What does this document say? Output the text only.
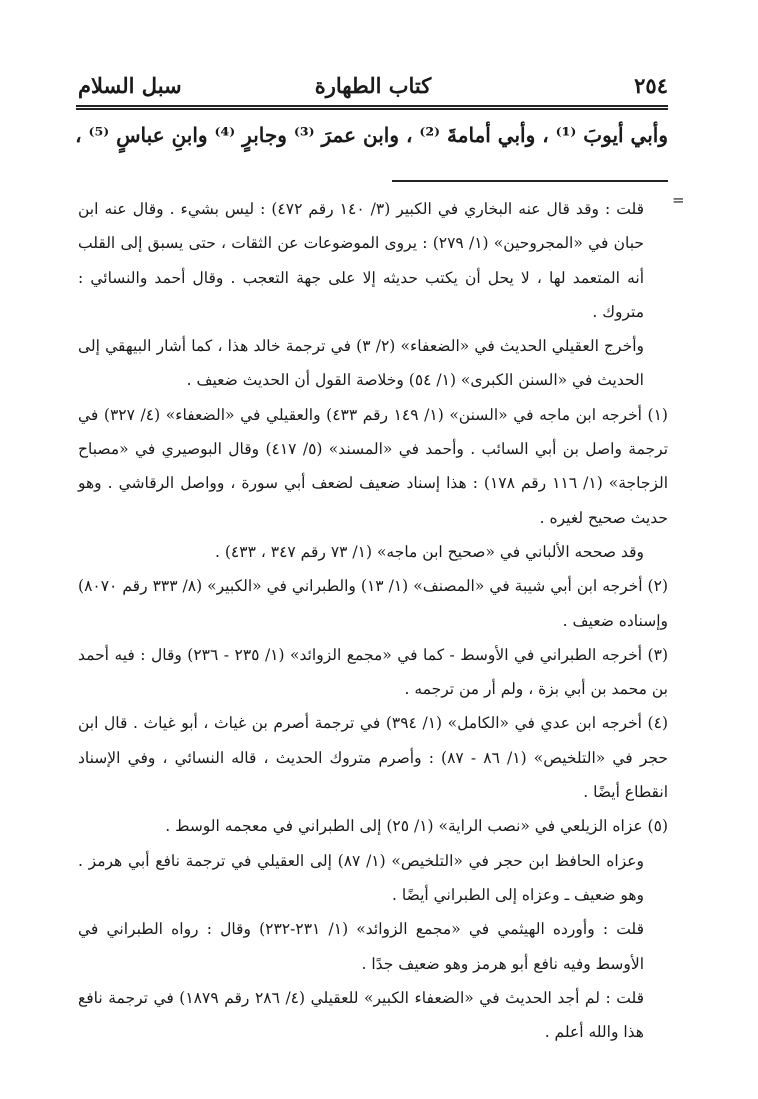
٢٥٤
كتاب الطهارة
سبل السلام
وأبي أيوبَ ⁽¹⁾ ، وأبي أمامةَ ⁽²⁾ ، وابن عمرَ ⁽³⁾ وجابرٍ ⁽⁴⁾ وابنِ عباسٍ ⁽⁵⁾ ،
=

قلت : وقد قال عنه البخاري في الكبير (٣/ ١٤٠ رقم ٤٧٢) : ليس بشيء . وقال عنه ابن حبان في «المجروحين» (١/ ٢٧٩) : يروى الموضوعات عن الثقات ، حتى يسبق إلى القلب أنه المتعمد لها ، لا يحل أن يكتب حديثه إلا على جهة التعجب . وقال أحمد والنسائي : متروك .

وأخرج العقيلي الحديث في «الضعفاء» (٢/ ٣) في ترجمة خالد هذا ، كما أشار البيهقي إلى الحديث في «السنن الكبرى» (١/ ٥٤) وخلاصة القول أن الحديث ضعيف .

(١) أخرجه ابن ماجه في «السنن» (١/ ١٤٩ رقم ٤٣٣) والعقيلي في «الضعفاء» (٤/ ٣٢٧) في ترجمة واصل بن أبي السائب . وأحمد في «المسند» (٥/ ٤١٧) وقال البوصيري في «مصباح الزجاجة» (١/ ١١٦ رقم ١٧٨) : هذا إسناد ضعيف لضعف أبي سورة ، وواصل الرقاشي . وهو حديث صحيح لغيره .

وقد صححه الألباني في «صحيح ابن ماجه» (١/ ٧٣ رقم ٣٤٧ ، ٤٣٣) .

(٢) أخرجه ابن أبي شيبة في «المصنف» (١/ ١٣) والطبراني في «الكبير» (٨/ ٣٣٣ رقم ٨٠٧٠) وإسناده ضعيف .

(٣) أخرجه الطبراني في الأوسط - كما في «مجمع الزوائد» (١/ ٢٣٥ - ٢٣٦) وقال : فيه أحمد بن محمد بن أبي بزة ، ولم أر من ترجمه .

(٤) أخرجه ابن عدي في «الكامل» (١/ ٣٩٤) في ترجمة أصرم بن غياث ، أبو غياث . قال ابن حجر في «التلخيص» (١/ ٨٦ - ٨٧) : وأصرم متروك الحديث ، قاله النسائي ، وفي الإسناد انقطاع أيضًا .

(٥) عزاه الزيلعي في «نصب الراية» (١/ ٢٥) إلى الطبراني في معجمه الوسط .

وعزاه الحافظ ابن حجر في «التلخيص» (١/ ٨٧) إلى العقيلي في ترجمة نافع أبي هرمز . وهو ضعيف ـ وعزاه إلى الطبراني أيضًا .

قلت : وأورده الهيثمي في «مجمع الزوائد» (١/ ٢٣١-٢٣٢) وقال : رواه الطبراني في الأوسط وفيه نافع أبو هرمز وهو ضعيف جدًا .

قلت : لم أجد الحديث في «الضعفاء الكبير» للعقيلي (٤/ ٢٨٦ رقم ١٨٧٩) في ترجمة نافع هذا والله أعلم .
